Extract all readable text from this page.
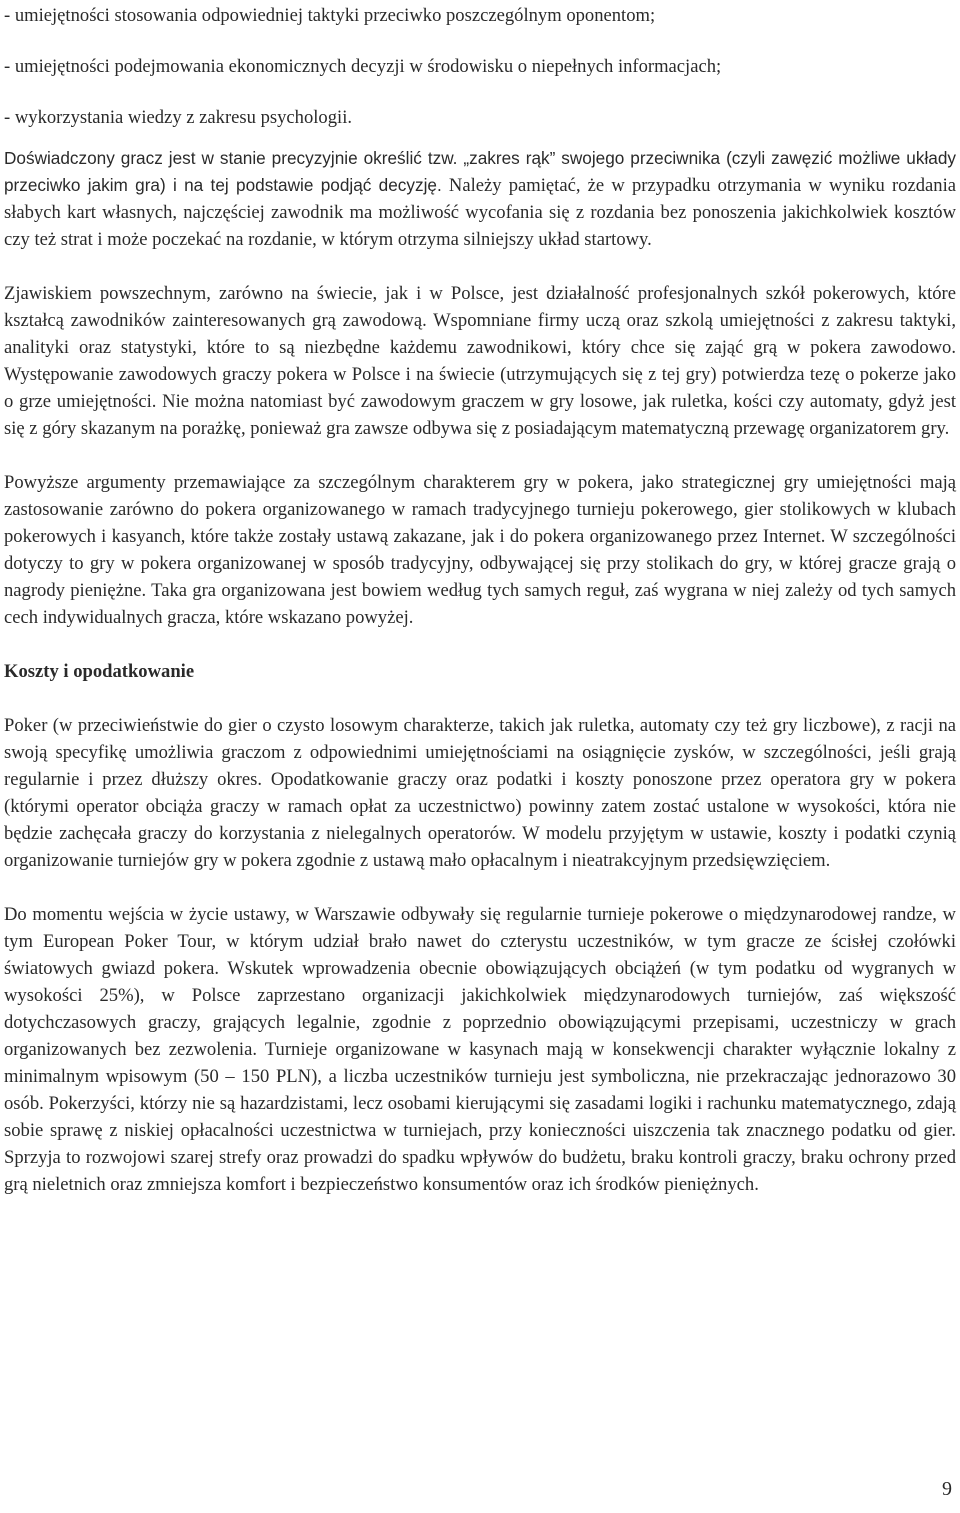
- umiejętności stosowania odpowiedniej taktyki przeciwko poszczególnym oponentom;
- umiejętności podejmowania ekonomicznych decyzji w środowisku o niepełnych informacjach;
- wykorzystania wiedzy z zakresu psychologii.

Doświadczony gracz jest w stanie precyzyjnie określić tzw. „zakres rąk” swojego przeciwnika (czyli zawęzić możliwe układy przeciwko jakim gra) i na tej podstawie podjąć decyzję. Należy pamiętać, że w przypadku otrzymania w wyniku rozdania słabych kart własnych, najczęściej zawodnik ma możliwość wycofania się z rozdania bez ponoszenia jakichkolwiek kosztów czy też strat i może poczekać na rozdanie, w którym otrzyma silniejszy układ startowy.

Zjawiskiem powszechnym, zarówno na świecie, jak i w Polsce, jest działalność profesjonalnych szkół pokerowych, które kształcą zawodników zainteresowanych grą zawodową. Wspomniane firmy uczą oraz szkolą umiejętności z zakresu taktyki, analityki oraz statystyki, które to są niezbędne każdemu zawodnikowi, który chce się zająć grą w pokera zawodowo. Występowanie zawodowych graczy pokera w Polsce i na świecie (utrzymujących się z tej gry) potwierdza tezę o pokerze jako o grze umiejętności. Nie można natomiast być zawodowym graczem w gry losowe, jak ruletka, kości czy automaty, gdyż jest się z góry skazanym na porażkę, ponieważ gra zawsze odbywa się z posiadającym matematyczną przewagę organizatorem gry.

Powyższe argumenty przemawiające za szczególnym charakterem gry w pokera, jako strategicznej gry umiejętności mają zastosowanie zarówno do pokera organizowanego w ramach tradycyjnego turnieju pokerowego, gier stolikowych w klubach pokerowych i kasyanch, które także zostały ustawą zakazane, jak i do pokera organizowanego przez Internet. W szczególności dotyczy to gry w pokera organizowanej w sposób tradycyjny, odbywającej się przy stolikach do gry, w której gracze grają o nagrody pieniężne. Taka gra organizowana jest bowiem według tych samych reguł, zaś wygrana w niej zależy od tych samych cech indywidualnych gracza, które wskazano powyżej.

Koszty i opodatkowanie

Poker (w przeciwieństwie do gier o czysto losowym charakterze, takich jak ruletka, automaty czy też gry liczbowe), z racji na swoją specyfikę umożliwia graczom z odpowiednimi umiejętnościami na osiągnięcie zysków, w szczególności, jeśli grają regularnie i przez dłuższy okres. Opodatkowanie graczy oraz podatki i koszty ponoszone przez operatora gry w pokera (którymi operator obciąża graczy w ramach opłat za uczestnictwo) powinny zatem zostać ustalone w wysokości, która nie będzie zachęcała graczy do korzystania z nielegalnych operatorów. W modelu przyjętym w ustawie, koszty i podatki czynią organizowanie turniejów gry w pokera zgodnie z ustawą mało opłacalnym i nieatrakcyjnym przedsięwzięciem.

Do momentu wejścia w życie ustawy, w Warszawie odbywały się regularnie turnieje pokerowe o międzynarodowej randze, w tym European Poker Tour, w którym udział brało nawet do czterystu uczestników, w tym gracze ze ścisłej czołówki światowych gwiazd pokera. Wskutek wprowadzenia obecnie obowiązujących obciążeń (w tym podatku od wygranych w wysokości 25%), w Polsce zaprzestano organizacji jakichkolwiek międzynarodowych turniejów, zaś większość dotychczasowych graczy, grających legalnie, zgodnie z poprzednio obowiązującymi przepisami, uczestniczy w grach organizowanych bez zezwolenia. Turnieje organizowane w kasynach mają w konsekwencji charakter wyłącznie lokalny z minimalnym wpisowym (50 – 150 PLN), a liczba uczestników turnieju jest symboliczna, nie przekraczając jednorazowo 30 osób. Pokerzyści, którzy nie są hazardzistami, lecz osobami kierującymi się zasadami logiki i rachunku matematycznego, zdają sobie sprawę z niskiej opłacalności uczestnictwa w turniejach, przy konieczności uiszczenia tak znacznego podatku od gier. Sprzyja to rozwojowi szarej strefy oraz prowadzi do spadku wpływów do budżetu, braku kontroli graczy, braku ochrony przed grą nieletnich oraz zmniejsza komfort i bezpieczeństwo konsumentów oraz ich środków pieniężnych.

9
